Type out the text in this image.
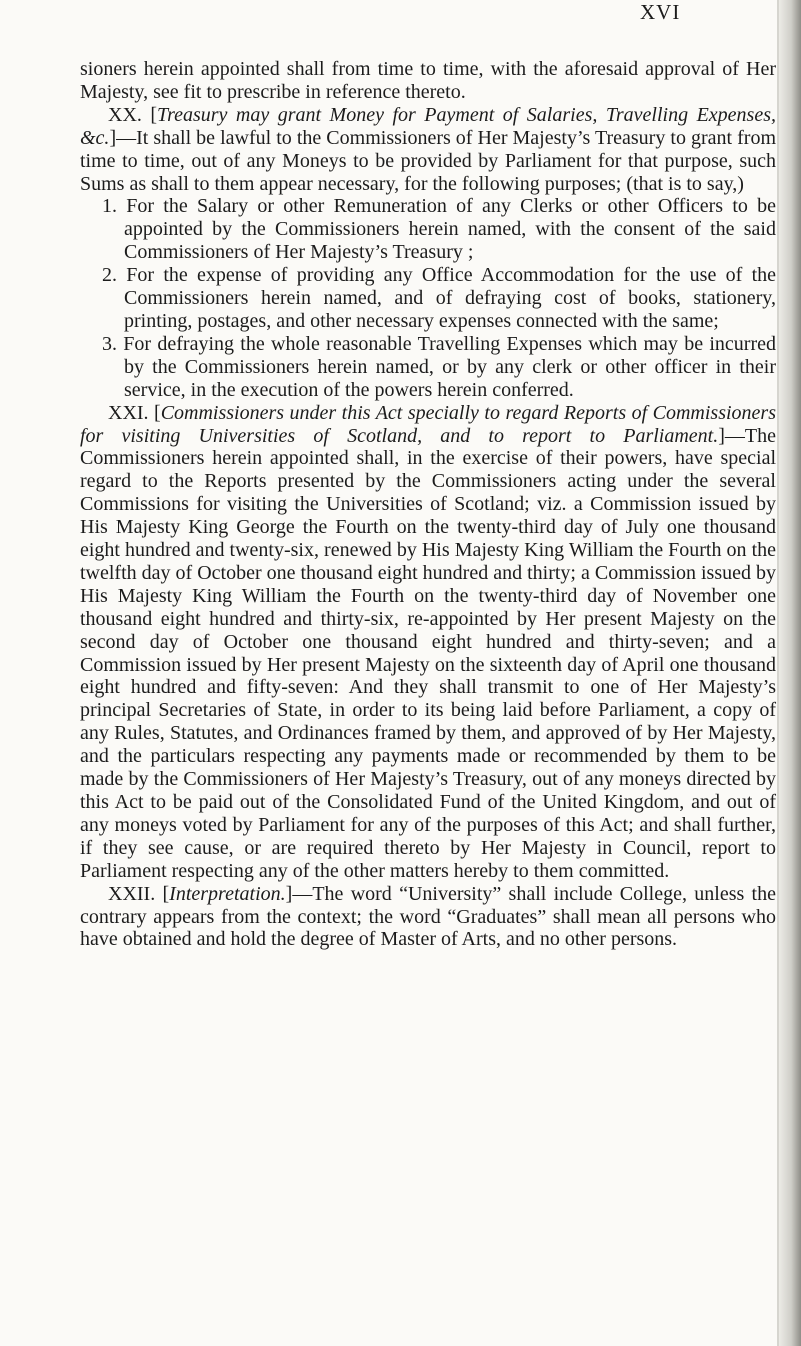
XVI

sioners herein appointed shall from time to time, with the aforesaid approval of Her Majesty, see fit to prescribe in reference thereto.

XX. [Treasury may grant Money for Payment of Salaries, Travelling Expenses, &c.]—It shall be lawful to the Commissioners of Her Majesty’s Treasury to grant from time to time, out of any Moneys to be provided by Parliament for that purpose, such Sums as shall to them appear necessary, for the following purposes; (that is to say,)

1. For the Salary or other Remuneration of any Clerks or other Officers to be appointed by the Commissioners herein named, with the consent of the said Commissioners of Her Majesty’s Treasury ;

2. For the expense of providing any Office Accommodation for the use of the Commissioners herein named, and of defraying cost of books, stationery, printing, postages, and other necessary expenses connected with the same;

3. For defraying the whole reasonable Travelling Expenses which may be incurred by the Commissioners herein named, or by any clerk or other officer in their service, in the execution of the powers herein conferred.

XXI. [Commissioners under this Act specially to regard Reports of Commissioners for visiting Universities of Scotland, and to report to Parliament.]—The Commissioners herein appointed shall, in the exercise of their powers, have special regard to the Reports presented by the Commissioners acting under the several Commissions for visiting the Universities of Scotland; viz. a Commission issued by His Majesty King George the Fourth on the twenty-third day of July one thousand eight hundred and twenty-six, renewed by His Majesty King William the Fourth on the twelfth day of October one thousand eight hundred and thirty; a Commission issued by His Majesty King William the Fourth on the twenty-third day of November one thousand eight hundred and thirty-six, re-appointed by Her present Majesty on the second day of October one thousand eight hundred and thirty-seven; and a Commission issued by Her present Majesty on the sixteenth day of April one thousand eight hundred and fifty-seven: And they shall transmit to one of Her Majesty’s principal Secretaries of State, in order to its being laid before Parliament, a copy of any Rules, Statutes, and Ordinances framed by them, and approved of by Her Majesty, and the particulars respecting any payments made or recommended by them to be made by the Commissioners of Her Majesty’s Treasury, out of any moneys directed by this Act to be paid out of the Consolidated Fund of the United Kingdom, and out of any moneys voted by Parliament for any of the purposes of this Act; and shall further, if they see cause, or are required thereto by Her Majesty in Council, report to Parliament respecting any of the other matters hereby to them committed.

XXII. [Interpretation.]—The word “University” shall include College, unless the contrary appears from the context; the word “Graduates” shall mean all persons who have obtained and hold the degree of Master of Arts, and no other persons.
